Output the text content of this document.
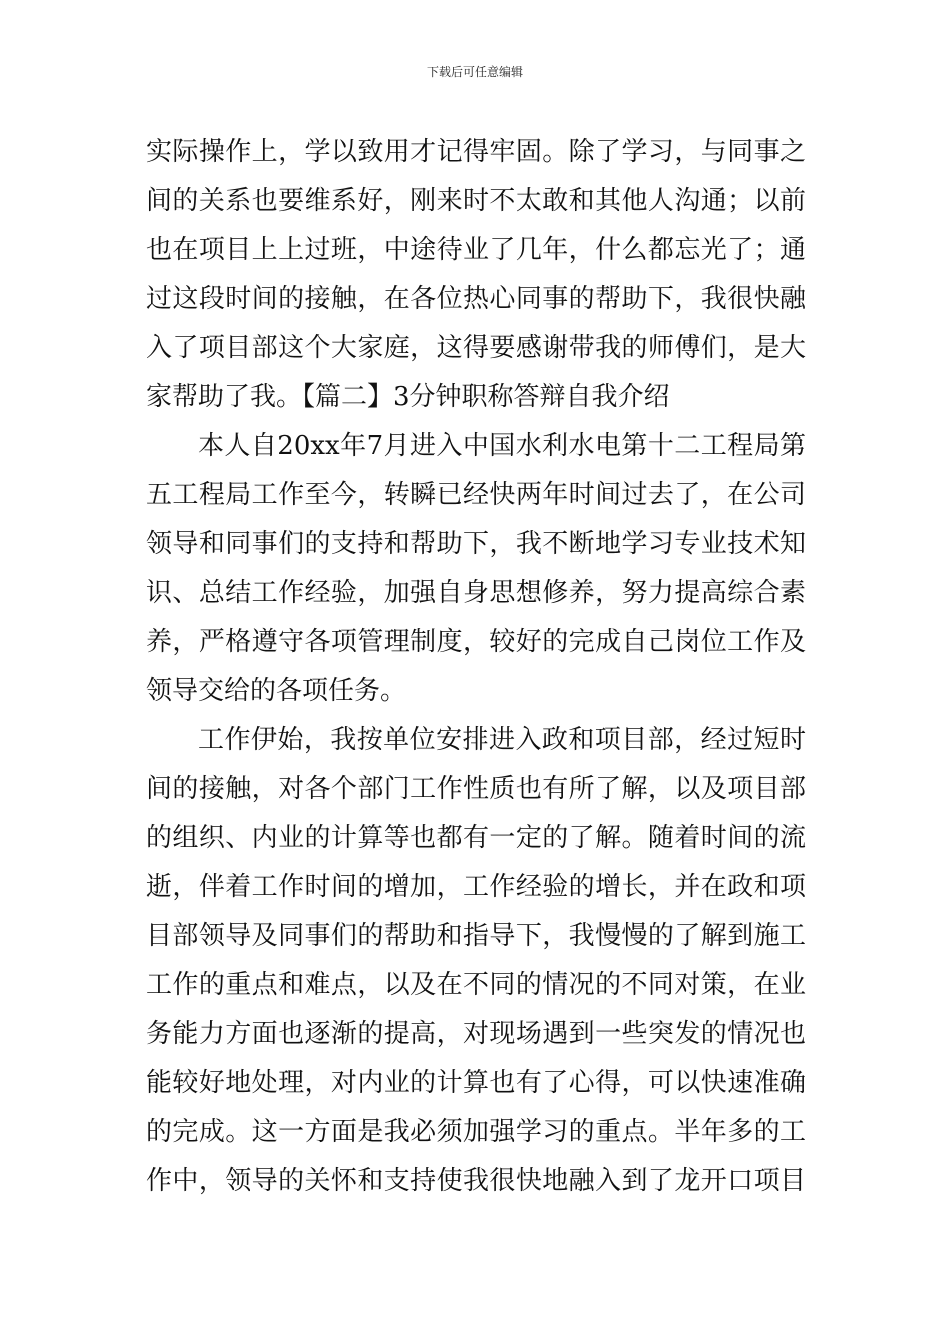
下载后可任意编辑
实际操作上，学以致用才记得牢固。除了学习，与同事之
间的关系也要维系好，刚来时不太敢和其他人沟通；以前
也在项目上上过班，中途待业了几年，什么都忘光了；通
过这段时间的接触，在各位热心同事的帮助下，我很快融
入了项目部这个大家庭，这得要感谢带我的师傅们，是大
家帮助了我。【篇二】3分钟职称答辩自我介绍
本人自20xx年7月进入中国水利水电第十二工程局第
五工程局工作至今，转瞬已经快两年时间过去了，在公司
领导和同事们的支持和帮助下，我不断地学习专业技术知
识、总结工作经验，加强自身思想修养，努力提高综合素
养，严格遵守各项管理制度，较好的完成自己岗位工作及
领导交给的各项任务。
工作伊始，我按单位安排进入政和项目部，经过短时
间的接触，对各个部门工作性质也有所了解，以及项目部
的组织、内业的计算等也都有一定的了解。随着时间的流
逝，伴着工作时间的增加，工作经验的增长，并在政和项
目部领导及同事们的帮助和指导下，我慢慢的了解到施工
工作的重点和难点，以及在不同的情况的不同对策，在业
务能力方面也逐渐的提高，对现场遇到一些突发的情况也
能较好地处理，对内业的计算也有了心得，可以快速准确
的完成。这一方面是我必须加强学习的重点。半年多的工
作中，领导的关怀和支持使我很快地融入到了龙开口项目
